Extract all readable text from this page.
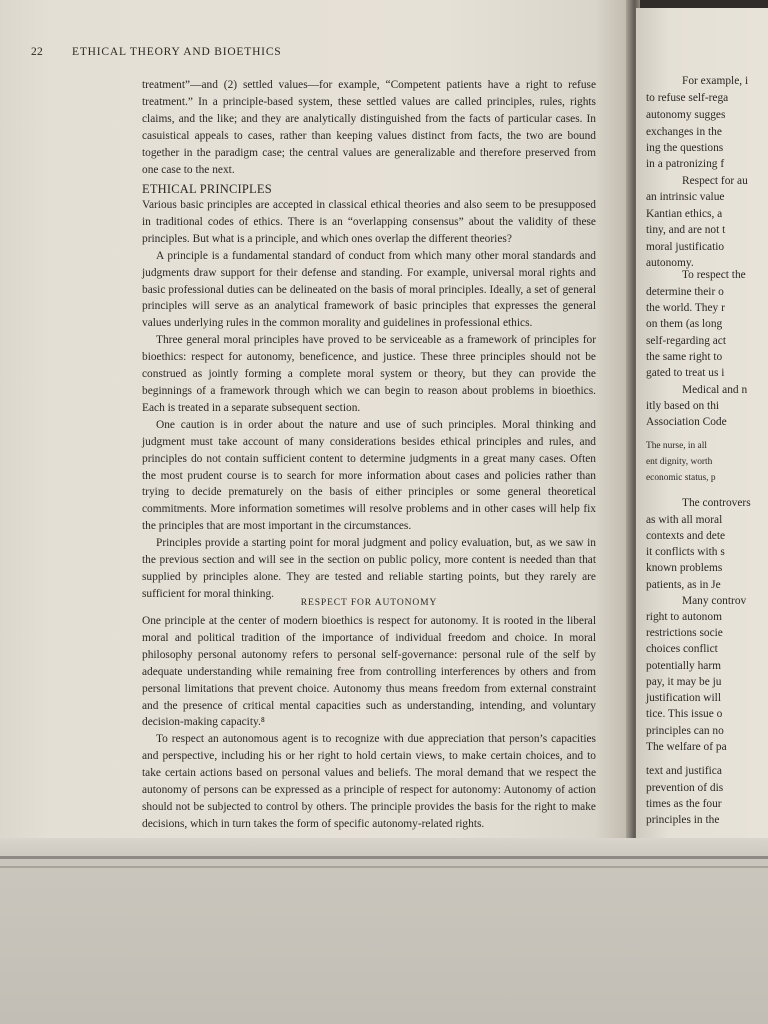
22	ETHICAL THEORY AND BIOETHICS

treatment”—and (2) settled values—for example, “Competent patients have a right to refuse treatment.” In a principle-based system, these settled values are called principles, rules, rights claims, and the like; and they are analytically distinguished from the facts of particular cases. In casuistical appeals to cases, rather than keeping values distinct from facts, the two are bound together in the paradigm case; the central values are generalizable and therefore preserved from one case to the next.

ETHICAL PRINCIPLES

Various basic principles are accepted in classical ethical theories and also seem to be presupposed in traditional codes of ethics. There is an “overlapping consensus” about the validity of these principles. But what is a principle, and which ones overlap the different theories?

A principle is a fundamental standard of conduct from which many other moral standards and judgments draw support for their defense and standing. For example, universal moral rights and basic professional duties can be delineated on the basis of moral principles. Ideally, a set of general principles will serve as an analytical framework of basic principles that expresses the general values underlying rules in the common morality and guidelines in professional ethics.

Three general moral principles have proved to be serviceable as a framework of principles for bioethics: respect for autonomy, beneficence, and justice. These three principles should not be construed as jointly forming a complete moral system or theory, but they can provide the beginnings of a framework through which we can begin to reason about problems in bioethics. Each is treated in a separate subsequent section.

One caution is in order about the nature and use of such principles. Moral thinking and judgment must take account of many considerations besides ethical principles and rules, and principles do not contain sufficient content to determine judgments in a great many cases. Often the most prudent course is to search for more information about cases and policies rather than trying to decide prematurely on the basis of either principles or some general theoretical commitments. More information sometimes will resolve problems and in other cases will help fix the principles that are most important in the circumstances.

Principles provide a starting point for moral judgment and policy evaluation, but, as we saw in the previous section and will see in the section on public policy, more content is needed than that supplied by principles alone. They are tested and reliable starting points, but they rarely are sufficient for moral thinking.

RESPECT FOR AUTONOMY

One principle at the center of modern bioethics is respect for autonomy. It is rooted in the liberal moral and political tradition of the importance of individual freedom and choice. In moral philosophy personal autonomy refers to personal self-governance: personal rule of the self by adequate understanding while remaining free from controlling interferences by others and from personal limitations that prevent choice. Autonomy thus means freedom from external constraint and the presence of critical mental capacities such as understanding, intending, and voluntary decision-making capacity.⁸

To respect an autonomous agent is to recognize with due appreciation that person’s capacities and perspective, including his or her right to hold certain views, to make certain choices, and to take certain actions based on personal values and beliefs. The moral demand that we respect the autonomy of persons can be expressed as a principle of respect for autonomy: Autonomy of action should not be subjected to control by others. The principle provides the basis for the right to make decisions, which in turn takes the form of specific autonomy-related rights.

For example, i
to refuse self-rega
autonomy sugges
exchanges in the
ing the questions
in a patronizing f
Respect for au
an intrinsic value
Kantian ethics, a
tiny, and are not t
moral justificatio
autonomy.
To respect the
determine their o
the world. They r
on them (as long
self-regarding act
the same right to
gated to treat us i
Medical and n
itly based on thi
Association Code
The nurse, in all
ent dignity, worth
economic status, p
The controvers
as with all moral
contexts and dete
it conflicts with s
known problems
patients, as in Je
Many controv
right to autonom
restrictions socie
choices conflict
potentially harm
pay, it may be ju
justification will
tice. This issue o
principles can no
The welfare of pa
text and justifica
prevention of dis
times as the four
principles in the
